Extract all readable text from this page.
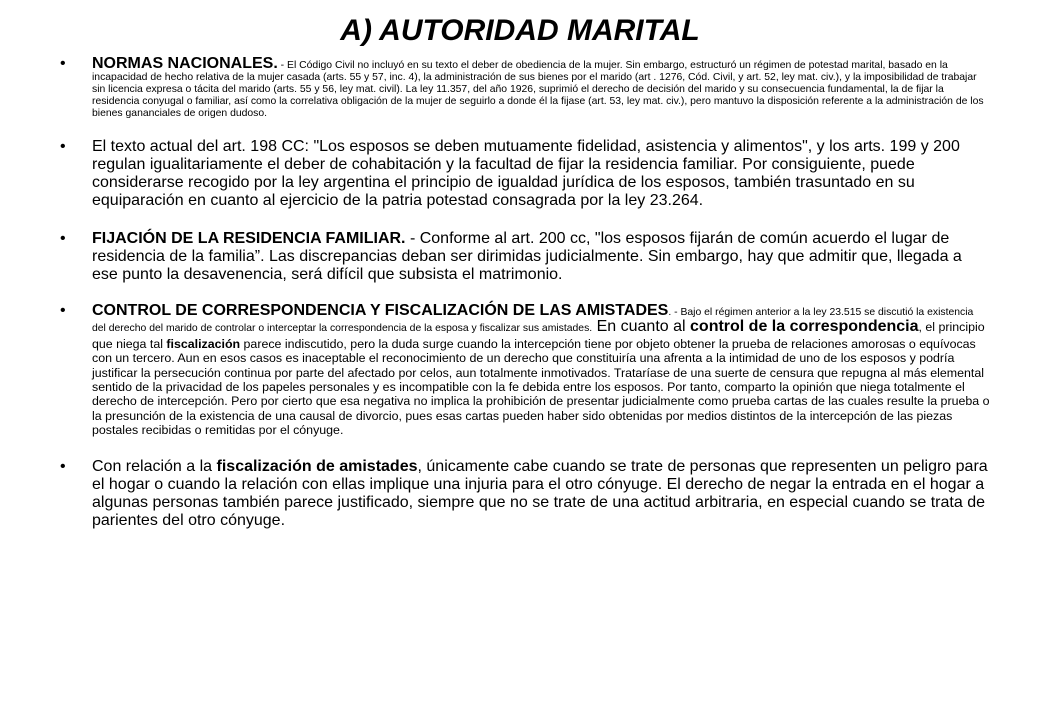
A) AUTORIDAD MARITAL
• NORMAS NACIONALES. - El Código Civil no incluyó en su texto el deber de obediencia de la mujer. Sin embargo, estructuró un régimen de potestad marital, basado en la incapacidad de hecho relativa de la mujer casada (arts. 55 y 57, inc. 4), la administración de sus bienes por el marido (art . 1276, Cód. Civil, y art. 52, ley mat. civ.), y la imposibilidad de trabajar sin licencia expresa o tácita del marido (arts. 55 y 56, ley mat. civil). La ley 11.357, del año 1926, suprimió el derecho de decisión del marido y su consecuencia fundamental, la de fijar la residencia conyugal o familiar, así como la correlativa obligación de la mujer de seguirlo a donde él la fijase (art. 53, ley mat. civ.), pero mantuvo la disposición referente a la administración de los bienes gananciales de origen dudoso.
• El texto actual del art. 198 CC: "Los esposos se deben mutuamente fidelidad, asistencia y alimentos", y los arts. 199 y 200 regulan igualitariamente el deber de cohabitación y la facultad de fijar la residencia familiar. Por consiguiente, puede considerarse recogido por la ley argentina el principio de igualdad jurídica de los esposos, también trasuntado en su equiparación en cuanto al ejercicio de la patria potestad consagrada por la ley 23.264.
• FIJACIÓN DE LA RESIDENCIA FAMILIAR. - Conforme al art. 200 cc, "los esposos fijarán de común acuerdo el lugar de residencia de la familia”. Las discrepancias deban ser dirimidas judicialmente. Sin embargo, hay que admitir que, llegada a ese punto la desavenencia, será difícil que subsista el matrimonio.
• CONTROL DE CORRESPONDENCIA Y FISCALIZACIÓN DE LAS AMISTADES. - Bajo el régimen anterior a la ley 23.515 se discutió la existencia del derecho del marido de controlar o interceptar la correspondencia de la esposa y fiscalizar sus amistades. En cuanto al control de la correspondencia, el principio que niega tal fiscalización parece indiscutido, pero la duda surge cuando la intercepción tiene por objeto obtener la prueba de relaciones amorosas o equívocas con un tercero. Aun en esos casos es inaceptable el reconocimiento de un derecho que constituiría una afrenta a la intimidad de uno de los esposos y podría justificar la persecución continua por parte del afectado por celos, aun totalmente inmotivados. Trataríase de una suerte de censura que repugna al más elemental sentido de la privacidad de los papeles personales y es incompatible con la fe debida entre los esposos. Por tanto, comparto la opinión que niega totalmente el derecho de intercepción. Pero por cierto que esa negativa no implica la prohibición de presentar judicialmente como prueba cartas de las cuales resulte la prueba o la presunción de la existencia de una causal de divorcio, pues esas cartas pueden haber sido obtenidas por medios distintos de la intercepción de las piezas postales recibidas o remitidas por el cónyuge.
• Con relación a la fiscalización de amistades, únicamente cabe cuando se trate de personas que representen un peligro para el hogar o cuando la relación con ellas implique una injuria para el otro cónyuge. El derecho de negar la entrada en el hogar a algunas personas también parece justificado, siempre que no se trate de una actitud arbitraria, en especial cuando se trata de parientes del otro cónyuge.
